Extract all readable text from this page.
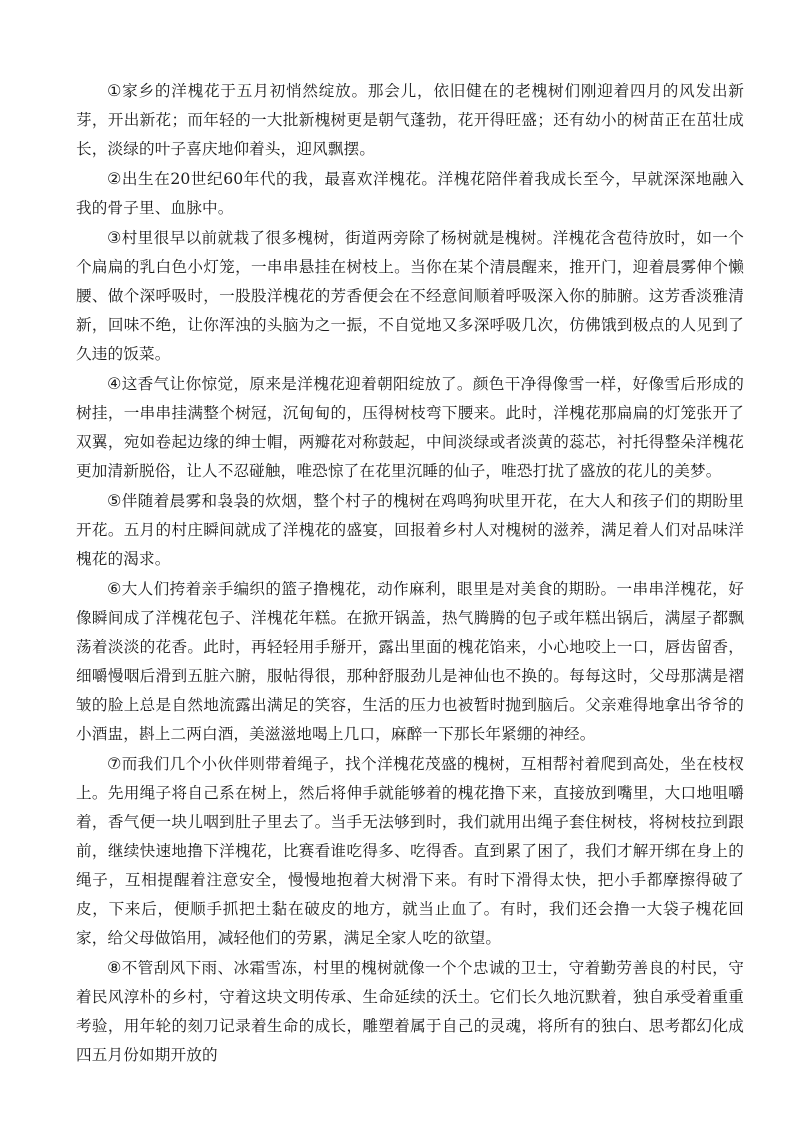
①家乡的洋槐花于五月初悄然绽放。那会儿，依旧健在的老槐树们刚迎着四月的风发出新芽，开出新花；而年轻的一大批新槐树更是朝气蓬勃，花开得旺盛；还有幼小的树苗正在茁壮成长，淡绿的叶子喜庆地仰着头，迎风飘摆。

②出生在20世纪60年代的我，最喜欢洋槐花。洋槐花陪伴着我成长至今，早就深深地融入我的骨子里、血脉中。

③村里很早以前就栽了很多槐树，街道两旁除了杨树就是槐树。洋槐花含苞待放时，如一个个扁扁的乳白色小灯笼，一串串悬挂在树枝上。当你在某个清晨醒来，推开门，迎着晨雾伸个懒腰、做个深呼吸时，一股股洋槐花的芳香便会在不经意间顺着呼吸深入你的肺腑。这芳香淡雅清新，回味不绝，让你浑浊的头脑为之一振，不自觉地又多深呼吸几次，仿佛饿到极点的人见到了久违的饭菜。

④这香气让你惊觉，原来是洋槐花迎着朝阳绽放了。颜色干净得像雪一样，好像雪后形成的树挂，一串串挂满整个树冠，沉甸甸的，压得树枝弯下腰来。此时，洋槐花那扁扁的灯笼张开了双翼，宛如卷起边缘的绅士帽，两瓣花对称鼓起，中间淡绿或者淡黄的蕊芯，衬托得整朵洋槐花更加清新脱俗，让人不忍碰触，唯恐惊了在花里沉睡的仙子，唯恐打扰了盛放的花儿的美梦。

⑤伴随着晨雾和袅袅的炊烟，整个村子的槐树在鸡鸣狗吠里开花，在大人和孩子们的期盼里开花。五月的村庄瞬间就成了洋槐花的盛宴，回报着乡村人对槐树的滋养，满足着人们对品味洋槐花的渴求。

⑥大人们挎着亲手编织的篮子撸槐花，动作麻利，眼里是对美食的期盼。一串串洋槐花，好像瞬间成了洋槐花包子、洋槐花年糕。在掀开锅盖，热气腾腾的包子或年糕出锅后，满屋子都飘荡着淡淡的花香。此时，再轻轻用手掰开，露出里面的槐花馅来，小心地咬上一口，唇齿留香，细嚼慢咽后滑到五脏六腑，服帖得很，那种舒服劲儿是神仙也不换的。每每这时，父母那满是褶皱的脸上总是自然地流露出满足的笑容，生活的压力也被暂时抛到脑后。父亲难得地拿出爷爷的小酒盅，斟上二两白酒，美滋滋地喝上几口，麻醉一下那长年紧绷的神经。

⑦而我们几个小伙伴则带着绳子，找个洋槐花茂盛的槐树，互相帮衬着爬到高处，坐在枝杈上。先用绳子将自己系在树上，然后将伸手就能够着的槐花撸下来，直接放到嘴里，大口地咀嚼着，香气便一块儿咽到肚子里去了。当手无法够到时，我们就用出绳子套住树枝，将树枝拉到跟前，继续快速地撸下洋槐花，比赛看谁吃得多、吃得香。直到累了困了，我们才解开绑在身上的绳子，互相提醒着注意安全，慢慢地抱着大树滑下来。有时下滑得太快，把小手都摩擦得破了皮，下来后，便顺手抓把土黏在破皮的地方，就当止血了。有时，我们还会撸一大袋子槐花回家，给父母做馅用，减轻他们的劳累，满足全家人吃的欲望。

⑧不管刮风下雨、冰霜雪冻，村里的槐树就像一个个忠诚的卫士，守着勤劳善良的村民，守着民风淳朴的乡村，守着这块文明传承、生命延续的沃土。它们长久地沉默着，独自承受着重重考验，用年轮的刻刀记录着生命的成长，雕塑着属于自己的灵魂，将所有的独白、思考都幻化成四五月份如期开放的
